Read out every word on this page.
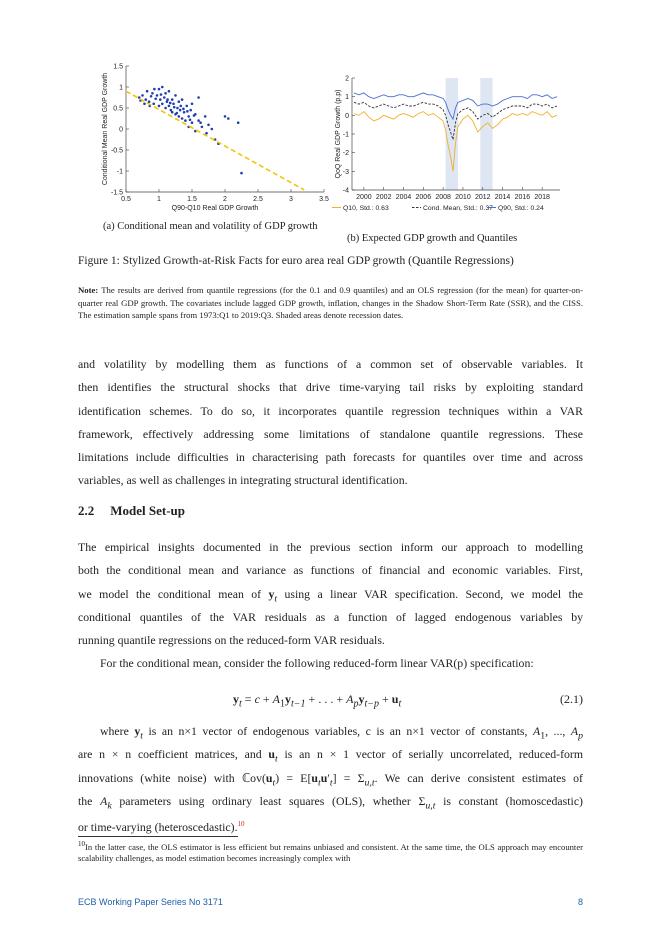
0.5	1	1.5	2	2.5	3	3.5
1.5
1
0.5
0
-0.5
-1
-1.5
Q90-Q10 Real GDP Growth
Conditional Mean Real GDP Growth	2
1
0
-1
-2
-3
-4
2000 2002 2004 2006 2008 2010 2012 2014 2016 2018
QoQ Real GDP Growth (p.p)
Q10, Std.: 0.63	Cond. Mean, Std.: 0.37 Q90, Std.: 0.24
(a) Conditional mean and volatility of GDP growth
(b) Expected GDP growth and Quantiles
Figure 1: Stylized Growth-at-Risk Facts for euro area real GDP growth (Quantile Regressions)
Note: The results are derived from quantile regressions (for the 0.1 and 0.9 quantiles) and an OLS regression (for the mean) for quarter-on-quarter real GDP growth. The covariates include lagged GDP growth, inflation, changes in the Shadow Short-Term Rate (SSR), and the CISS. The estimation sample spans from 1973:Q1 to 2019:Q3. Shaded areas denote recession dates.
and volatility by modelling them as functions of a common set of observable variables. It
then identifies the structural shocks that drive time-varying tail risks by exploiting standard
identification schemes. To do so, it incorporates quantile regression techniques within a VAR
framework, effectively addressing some limitations of standalone quantile regressions. These
limitations include difficulties in characterising path forecasts for quantiles over time and across
variables, as well as challenges in integrating structural identification.
2.2 Model Set-up
The empirical insights documented in the previous section inform our approach to modelling
both the conditional mean and variance as functions of financial and economic variables. First,
we model the conditional mean of $y_t$ using a linear VAR specification. Second, we model the
conditional quantiles of the VAR residuals as a function of lagged endogenous variables by
running quantile regressions on the reduced-form VAR residuals.
For the conditional mean, consider the following reduced-form linear VAR(p) specification:
$y_t = c + A_1y_{t-1}$ + . . . + $A_py_{t-p} + u_t$	(2.1)
where $y_t$ is an n×1 vector of endogenous variables, c is an n×1 vector of constants, $A_1$, ..., $A_p$
are n × n coefficient matrices, and $u_t$ is an n × 1 vector of serially uncorrelated, reduced-form
innovations (white noise) with $ℂov(u_t) = E[u_tu'_t] = \Sigma_{u,t}$. We can derive consistent estimates of
the $A_k$ parameters using ordinary least squares (OLS), whether $\Sigma_{u,t}$ is constant (homoscedastic)
or time-varying (heteroscedastic).$^{10}$
$^{10}$In the latter case, the OLS estimator is less efficient but remains unbiased and consistent. At the same time, the OLS approach may encounter scalability challenges, as model estimation becomes increasingly complex with
ECB Working Paper Series No 3171	8
